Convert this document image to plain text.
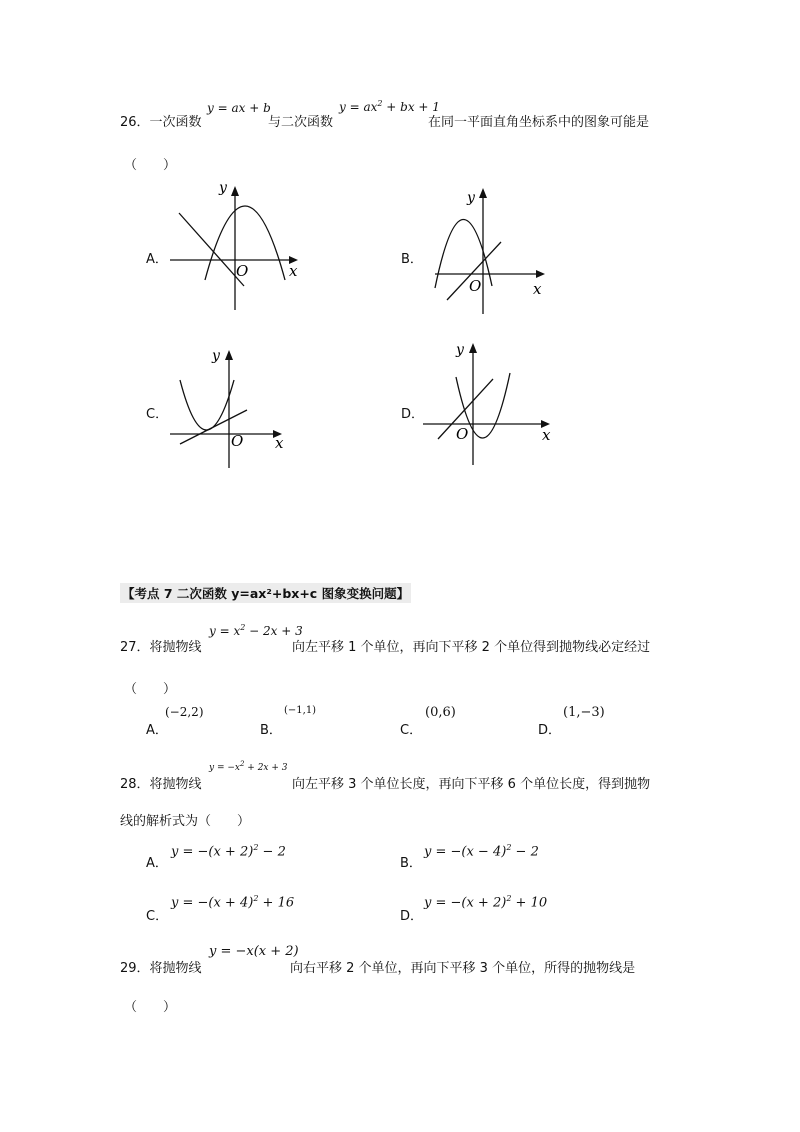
26．一次函数
y = ax + b
与二次函数
$y = ax^2$ + bx + 1
在同一平面直角坐标系中的图象可能是
（　　）
A．	B．
C．	D．
y
O	x
y
O	x
y
O x
y
O	x
【考点 7 二次函数 y=ax²+bx+c 图象变换问题】
27．将抛物线
$y = x^2 - 2x + 3$
向左平移 1 个单位，再向下平移 2 个单位得到抛物线必定经过
（　　）
A．
(−2,2)
B．
(−1,1)
C．
(0,6)
D．
(1,−3)
28．将抛物线
$y = -x^2 + 2x + 3$
向左平移 3 个单位长度，再向下平移 6 个单位长度，得到抛物
线的解析式为（　　）
A．
$y = -(x + 2)^2 - 2$
B．
$y = -(x - 4)^2 - 2$
C．
$y = -(x + 4)^2 + 16$
D．
$y = -(x + 2)^2 + 10$
29．将抛物线
y = −x(x + 2)
向右平移 2 个单位，再向下平移 3 个单位，所得的抛物线是
（　　）
